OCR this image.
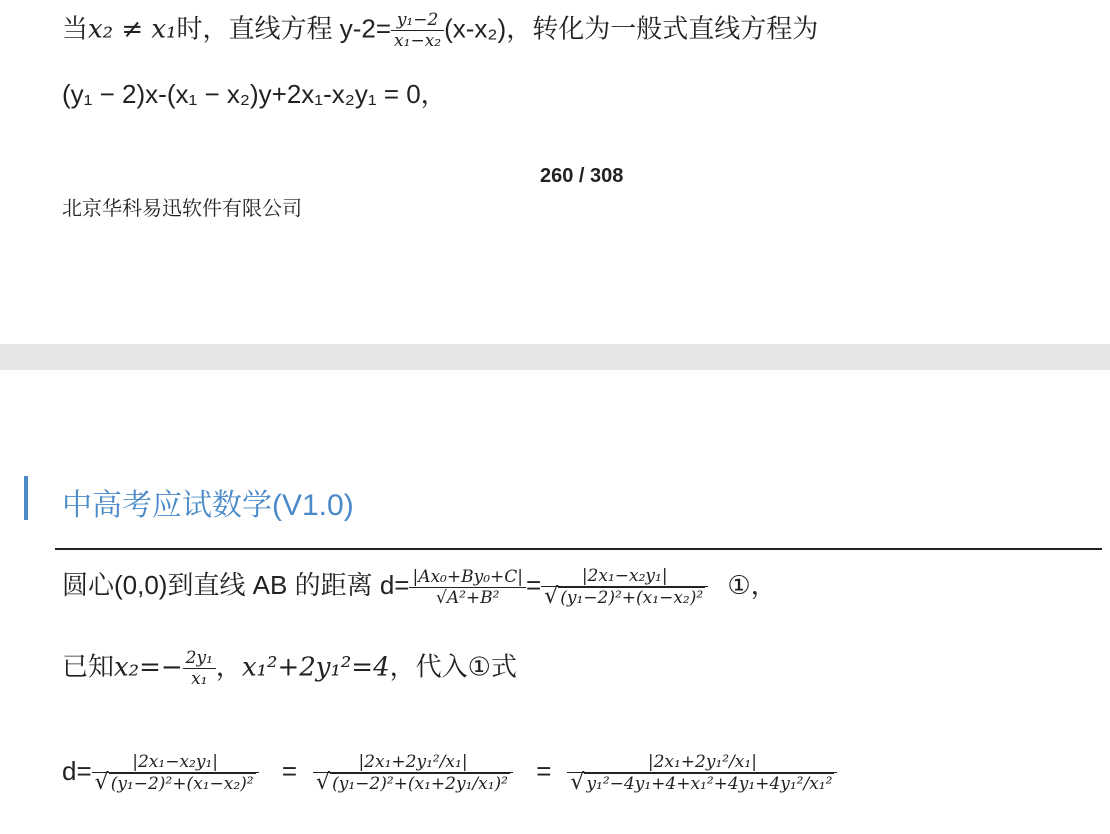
当x₂ ≠ x₁时，直线方程 $y-2= \frac{\text{y₁−2}}{\text{x₁−x₂}} (x-x_2)$，转化为一般式直线方程为
(y₁ − 2)x-(x₁ − x₂)y+2x₁-x₂y₁ = 0，
260 / 308
北京华科易迅软件有限公司
中高考应试数学(V1.0)
圆心(0,0)到直线 AB 的距离 $d= \frac{\text{|Ax₀+By₀+C|}}{\text{√A²+B²}} = \frac{\text{|2x₁−x₂y₁|}}{\text{√ (y₁−2)²+(x₁−x₂)²}}$ ①，
已知$x_2=- \frac{\text{2y₁}}{\text{x₁}}$ ，x₁²+2y₁²=4，代入①式
$d= \frac{\text{|2x₁−x₂y₁|}}{\text{√ (y₁−2)²+(x₁−x₂)²}} = \frac{\text{|2x₁+2y₁²/x₁|}}{\text{√ (y₁−2)²+(x₁+2y₁/x₁)²}} = \frac{\text{|2x₁+2y₁²/x₁|}}{\text{√ y₁²−4y₁+4+x₁²+4y₁+4y₁²/x₁²}}$
